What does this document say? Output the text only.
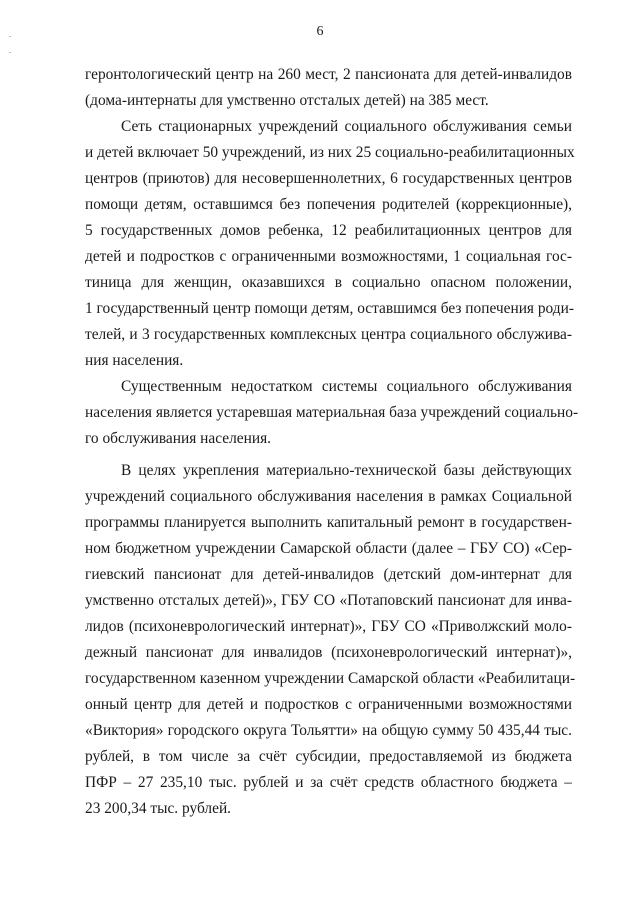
6
геронтологический центр на 260 мест, 2 пансионата для детей-инвалидов
(дома-интернаты для умственно отсталых детей) на 385 мест.
Сеть стационарных учреждений социального обслуживания семьи
и детей включает 50 учреждений, из них 25 социально-реабилитационных
центров (приютов) для несовершеннолетних, 6 государственных центров
помощи детям, оставшимся без попечения родителей (коррекционные),
5 государственных домов ребенка, 12 реабилитационных центров для
детей и подростков с ограниченными возможностями, 1 социальная гос-
тиница для женщин, оказавшихся в социально опасном положении,
1 государственный центр помощи детям, оставшимся без попечения роди-
телей, и 3 государственных комплексных центра социального обслужива-
ния населения.
Существенным недостатком системы социального обслуживания
населения является устаревшая материальная база учреждений социально-
го обслуживания населения.
В целях укрепления материально-технической базы действующих
учреждений социального обслуживания населения в рамках Социальной
программы планируется выполнить капитальный ремонт в государствен-
ном бюджетном учреждении Самарской области (далее – ГБУ СО) «Сер-
гиевский пансионат для детей-инвалидов (детский дом-интернат для
умственно отсталых детей)», ГБУ СО «Потаповский пансионат для инва-
лидов (психоневрологический интернат)», ГБУ СО «Приволжский моло-
дежный пансионат для инвалидов (психоневрологический интернат)»,
государственном казенном учреждении Самарской области «Реабилитаци-
онный центр для детей и подростков с ограниченными возможностями
«Виктория» городского округа Тольятти» на общую сумму 50 435,44 тыс.
рублей, в том числе за счёт субсидии, предоставляемой из бюджета
ПФР – 27 235,10 тыс. рублей и за счёт средств областного бюджета –
23 200,34 тыс. рублей.
